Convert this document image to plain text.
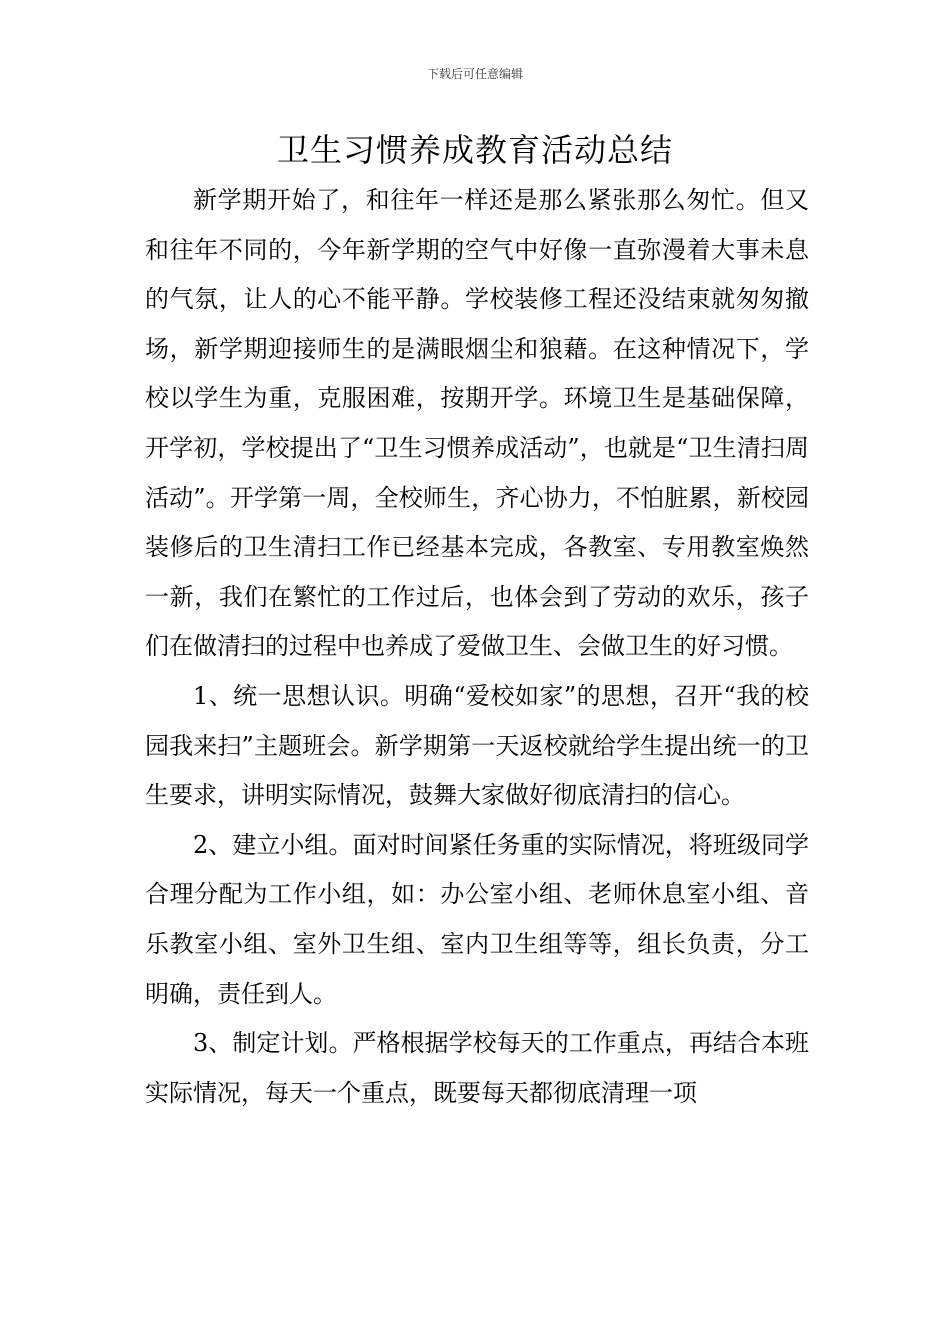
下载后可任意编辑
卫生习惯养成教育活动总结

新学期开始了，和往年一样还是那么紧张那么匆忙。但又和往年不同的，今年新学期的空气中好像一直弥漫着大事未息的气氛，让人的心不能平静。学校装修工程还没结束就匆匆撤场，新学期迎接师生的是满眼烟尘和狼藉。在这种情况下，学校以学生为重，克服困难，按期开学。环境卫生是基础保障，开学初，学校提出了“卫生习惯养成活动”，也就是“卫生清扫周活动”。开学第一周，全校师生，齐心协力，不怕脏累，新校园装修后的卫生清扫工作已经基本完成，各教室、专用教室焕然一新，我们在繁忙的工作过后，也体会到了劳动的欢乐，孩子们在做清扫的过程中也养成了爱做卫生、会做卫生的好习惯。

1、统一思想认识。明确“爱校如家”的思想，召开“我的校园我来扫”主题班会。新学期第一天返校就给学生提出统一的卫生要求，讲明实际情况，鼓舞大家做好彻底清扫的信心。

2、建立小组。面对时间紧任务重的实际情况，将班级同学合理分配为工作小组，如：办公室小组、老师休息室小组、音乐教室小组、室外卫生组、室内卫生组等等，组长负责，分工明确，责任到人。

3、制定计划。严格根据学校每天的工作重点，再结合本班实际情况，每天一个重点，既要每天都彻底清理一项
